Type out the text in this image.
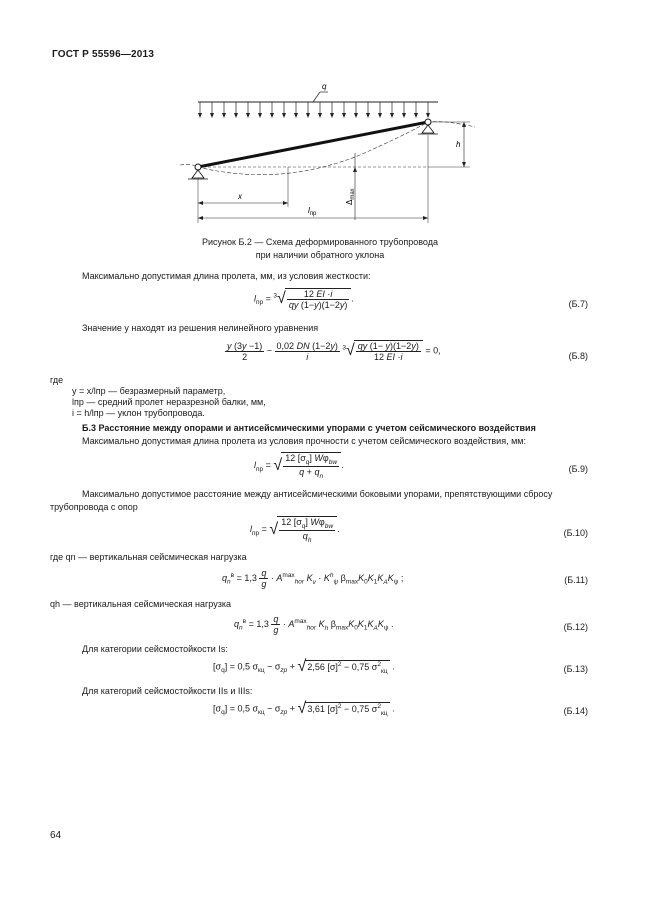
ГОСТ Р 55596—2013
q
h
$\Delta_{max}$
x
$l_{пр}$
Рисунок Б.2 — Схема деформированного трубопровода
при наличии обратного уклона
Максимально допустимая длина пролета, мм, из условия жесткости:
$l_{пр} = ^3√ \frac{12 EI \cdot i}{qy (1-y)(1-2y)}$ .
(Б.7)
Значение y находят из решения нелинейного уравнения
$\frac{y (3y -1)}{2} - \frac{0,02 DN (1-2y)}{i} ^3√ \frac{qy (1- y)(1-2y)}{12 EI \cdot i} = 0$,
(Б.8)
где
y = x/lпр — безразмерный параметр,
lпр — средний пролет неразрезной балки, мм,
i = h/lпр — уклон трубопровода.
Б.3 Расстояние между опорами и антисейсмическими упорами с учетом сейсмического воздействия
Максимально допустимая длина пролета из условия прочности с учетом сейсмического воздействия, мм:
$l_{пр}$ = √ $\frac{12 [\sigma_q] W\varphi_{bw}}{q + q_n}$ .	(Б.9)
Максимально допустимое расстояние между антисейсмическими боковыми упорами, препятствующими сбросу трубопровода с опор
$l_{пр}$ = √ $\frac{12 [\sigma_q] W\varphi_{bw}}{q_h}$ .	(Б.10)
где qn — вертикальная сейсмическая нагрузка
$q_n^в = 1,3 \frac{q}{g} \cdot A^{max}_{hor}$ $K_v \cdot K^h_\psi$ $\beta_{max}K_0K_1K_AK_\psi$ ;	(Б.11)
qh — вертикальная сейсмическая нагрузка
$q_n^в = 1,3 \frac{q}{g} \cdot A^{max}_{hor}$ $K_h$ $\beta_{max}K_0K_1K_AK_\psi$ .	(Б.12)
Для категории сейсмостойкости Is:
$[\sigma_q] = 0,5$ $\sigma_{кц} - \sigma_{zp} + √2,56$ $[\sigma]^2 - 0,75$ $\sigma^2_{кц}$ .	(Б.13)
Для категорий сейсмостойкости IIs и IIIs:
$[\sigma_q] = 0,5$ $\sigma_{кц} - \sigma_{zp} + √3,61$ $[\sigma]^2 - 0,75$ $\sigma^2_{кц}$ .	(Б.14)
64
